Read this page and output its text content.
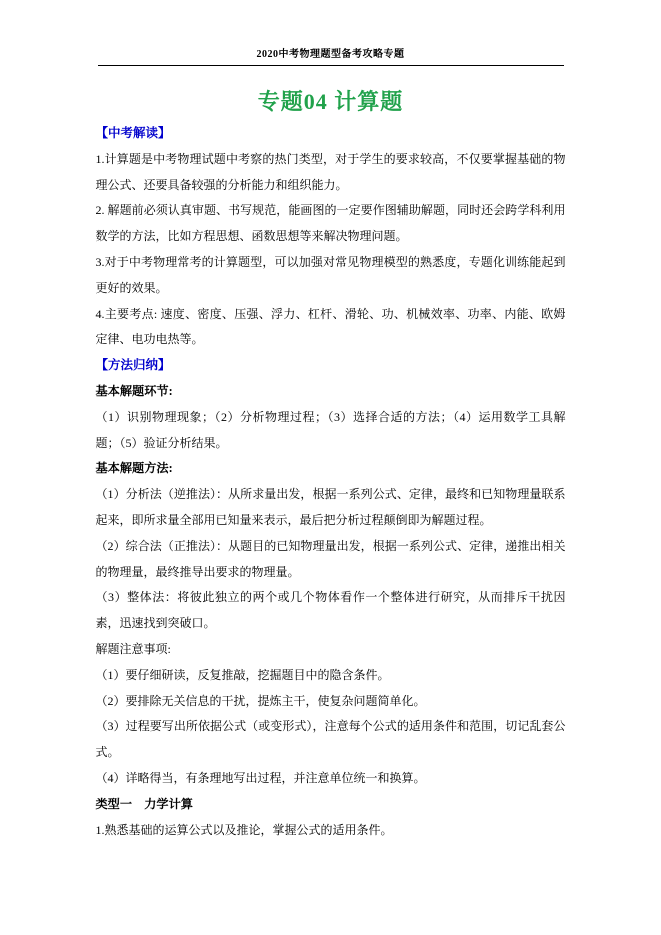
2020中考物理题型备考攻略专题
专题04 计算题
【中考解读】

1.计算题是中考物理试题中考察的热门类型，对于学生的要求较高，不仅要掌握基础的物理公式、还要具备较强的分析能力和组织能力。

2. 解题前必须认真审题、书写规范，能画图的一定要作图辅助解题，同时还会跨学科利用数学的方法，比如方程思想、函数思想等来解决物理问题。

3.对于中考物理常考的计算题型，可以加强对常见物理模型的熟悉度，专题化训练能起到更好的效果。

4.主要考点: 速度、密度、压强、浮力、杠杆、滑轮、功、机械效率、功率、内能、欧姆定律、电功电热等。

【方法归纳】
基本解题环节:

（1）识别物理现象；（2）分析物理过程；（3）选择合适的方法；（4）运用数学工具解题；（5）验证分析结果。

基本解题方法:

（1）分析法（逆推法）：从所求量出发，根据一系列公式、定律，最终和已知物理量联系起来，即所求量全部用已知量来表示，最后把分析过程颠倒即为解题过程。

（2）综合法（正推法）：从题目的已知物理量出发，根据一系列公式、定律，递推出相关的物理量，最终推导出要求的物理量。

（3）整体法：将彼此独立的两个或几个物体看作一个整体进行研究，从而排斥干扰因素，迅速找到突破口。

解题注意事项:

（1）要仔细研读，反复推敲，挖掘题目中的隐含条件。

（2）要排除无关信息的干扰，提炼主干，使复杂问题简单化。

（3）过程要写出所依据公式（或变形式），注意每个公式的适用条件和范围，切记乱套公式。

（4）详略得当，有条理地写出过程，并注意单位统一和换算。

类型一　力学计算

1.熟悉基础的运算公式以及推论，掌握公式的适用条件。
